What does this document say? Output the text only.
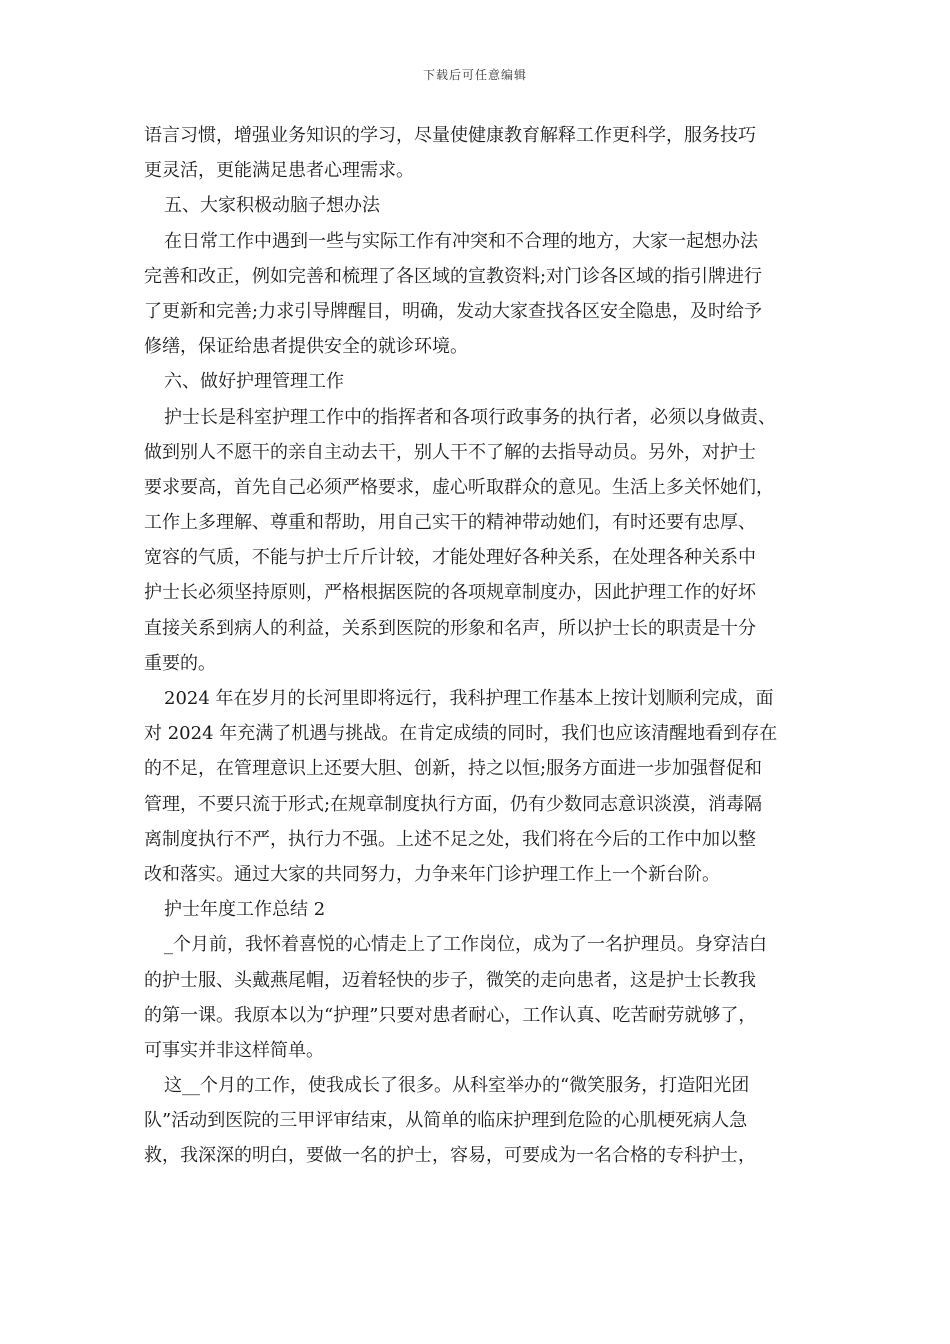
下载后可任意编辑
语言习惯，增强业务知识的学习，尽量使健康教育解释工作更科学，服务技巧
更灵活，更能满足患者心理需求。
五、大家积极动脑子想办法
在日常工作中遇到一些与实际工作有冲突和不合理的地方，大家一起想办法
完善和改正，例如完善和梳理了各区域的宣教资料;对门诊各区域的指引牌进行
了更新和完善;力求引导牌醒目，明确，发动大家查找各区安全隐患，及时给予
修缮，保证给患者提供安全的就诊环境。
六、做好护理管理工作
护士长是科室护理工作中的指挥者和各项行政事务的执行者，必须以身做责、
做到别人不愿干的亲自主动去干，别人干不了解的去指导动员。另外，对护士
要求要高，首先自己必须严格要求，虚心听取群众的意见。生活上多关怀她们，
工作上多理解、尊重和帮助，用自己实干的精神带动她们，有时还要有忠厚、
宽容的气质，不能与护士斤斤计较，才能处理好各种关系，在处理各种关系中
护士长必须坚持原则，严格根据医院的各项规章制度办，因此护理工作的好坏
直接关系到病人的利益，关系到医院的形象和名声，所以护士长的职责是十分
重要的。
2024 年在岁月的长河里即将远行，我科护理工作基本上按计划顺利完成，面
对 2024 年充满了机遇与挑战。在肯定成绩的同时，我们也应该清醒地看到存在
的不足，在管理意识上还要大胆、创新，持之以恒;服务方面进一步加强督促和
管理，不要只流于形式;在规章制度执行方面，仍有少数同志意识淡漠，消毒隔
离制度执行不严，执行力不强。上述不足之处，我们将在今后的工作中加以整
改和落实。通过大家的共同努力，力争来年门诊护理工作上一个新台阶。
护士年度工作总结 2
_个月前，我怀着喜悦的心情走上了工作岗位，成为了一名护理员。身穿洁白
的护士服、头戴燕尾帽，迈着轻快的步子，微笑的走向患者，这是护士长教我
的第一课。我原本以为“护理”只要对患者耐心，工作认真、吃苦耐劳就够了，
可事实并非这样简单。
这__个月的工作，使我成长了很多。从科室举办的“微笑服务，打造阳光团
队”活动到医院的三甲评审结束，从简单的临床护理到危险的心肌梗死病人急
救，我深深的明白，要做一名的护士，容易，可要成为一名合格的专科护士，
